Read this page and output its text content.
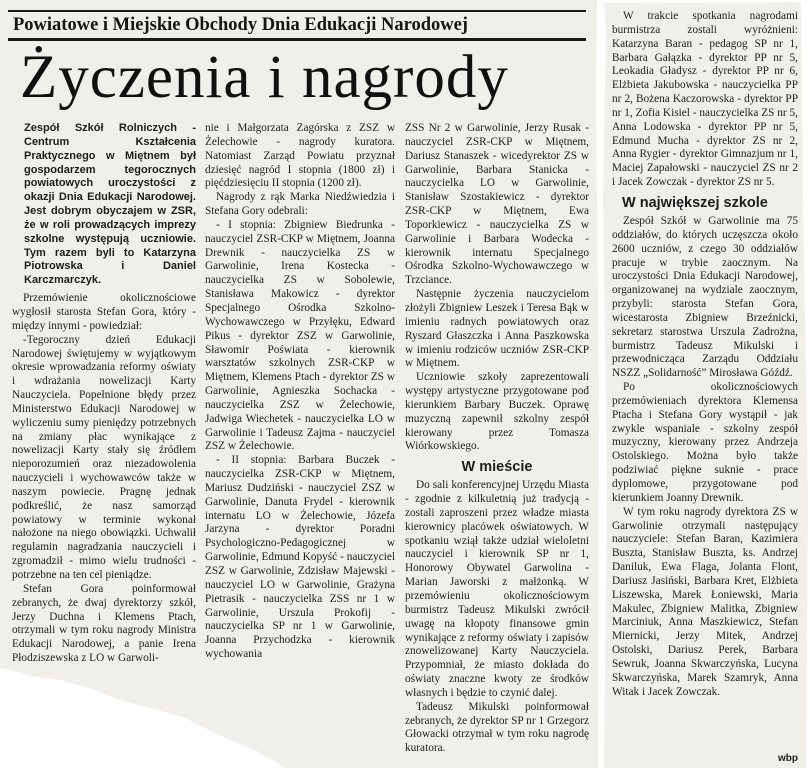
Powiatowe i Miejskie Obchody Dnia Edukacji Narodowej
Życzenia i nagrody

Zespół Szkół Rolniczych - Centrum Kształcenia Praktycznego w Miętnem był gospodarzem tegorocznych powiatowych uroczystości z okazji Dnia Edukacji Narodowej. Jest dobrym obyczajem w ZSR, że w roli prowadzących imprezy szkolne występują uczniowie. Tym razem byli to Katarzyna Piotrowska i Daniel Karczmarczyk.

Przemówienie okolicznościowe wygłosił starosta Stefan Gora, który - między innymi - powiedział:

-Tegoroczny dzień Edukacji Narodowej świętujemy w wyjątkowym okresie wprowadzania reformy oświaty i wdrażania nowelizacji Karty Nauczyciela. Popełnione błędy przez Ministerstwo Edukacji Narodowej w wyliczeniu sumy pieniędzy potrzebnych na zmiany płac wynikające z nowelizacji Karty stały się źródłem nieporozumień oraz niezadowolenia nauczycieli i wychowawców także w naszym powiecie. Pragnę jednak podkreślić, że nasz samorząd powiatowy w terminie wykonał nałożone na niego obowiązki. Uchwalił regulamin nagradzania nauczycieli i zgromadził - mimo wielu trudności - potrzebne na ten cel pieniądze.

Stefan Gora poinformował zebranych, że dwaj dyrektorzy szkół, Jerzy Duchna i Klemens Ptach, otrzymali w tym roku nagrody Ministra Edukacji Narodowej, a panie Irena Płodziszewska z LO w Garwoli-

nie i Małgorzata Zagórska z ZSZ w Żelechowie - nagrody kuratora. Natomiast Zarząd Powiatu przyznał dziesięć nagród I stopnia (1800 zł) i pięćdziesięciu II stopnia (1200 zł).

Nagrody z rąk Marka Niedźwiedzia i Stefana Gory odebrali:

- I stopnia: Zbigniew Biedrunka - nauczyciel ZSR-CKP w Miętnem, Joanna Drewnik - nauczycielka ZS w Garwolinie, Irena Kostecka - nauczycielka ZS w Sobolewie, Stanisława Makowicz - dyrektor Specjalnego Ośrodka Szkolno-Wychowawczego w Przyłęku, Edward Pikus - dyrektor ZSZ w Garwolinie, Sławomir Poświata - kierownik warsztatów szkolnych ZSR-CKP w Miętnem, Klemens Ptach - dyrektor ZS w Garwolinie, Agnieszka Sochacka - nauczycielka ZSZ w Żelechowie, Jadwiga Wiechetek - nauczycielka LO w Garwolinie i Tadeusz Zajma - nauczyciel ZSZ w Żelechowie.

- II stopnia: Barbara Buczek - nauczycielka ZSR-CKP w Miętnem, Mariusz Dudziński - nauczyciel ZSZ w Garwolinie, Danuta Frydel - kierownik internatu LO w Żelechowie, Józefa Jarzyna - dyrektor Poradni Psychologiczno-Pedagogicznej w Garwolinie, Edmund Kopyść - nauczyciel ZSZ w Garwolinie, Zdzisław Majewski - nauczyciel LO w Garwolinie, Grażyna Pietrasik - nauczycielka ZSS nr 1 w Garwolinie, Urszula Prokofij - nauczycielka SP nr 1 w Garwolinie, Joanna Przychodzka - kierownik wychowania

ZSS Nr 2 w Garwolinie, Jerzy Rusak - nauczyciel ZSR-CKP w Miętnem, Dariusz Stanaszek - wicedyrektor ZS w Garwolinie, Barbara Stanicka - nauczycielka LO w Garwolinie, Stanisław Szostakiewicz - dyrektor ZSR-CKP w Miętnem, Ewa Toporkiewicz - nauczycielka ZS w Garwolinie i Barbara Wodecka - kierownik internatu Specjalnego Ośrodka Szkolno-Wychowawczego w Trzciance.

Następnie życzenia nauczycielom złożyli Zbigniew Leszek i Teresa Bąk w imieniu radnych powiatowych oraz Ryszard Głaszczka i Anna Paszkowska w imieniu rodziców uczniów ZSR-CKP w Miętnem.

Uczniowie szkoły zaprezentowali występy artystyczne przygotowane pod kierunkiem Barbary Buczek. Oprawę muzyczną zapewnił szkolny zespół kierowany przez Tomasza Wiórkowskiego.

W mieście

Do sali konferencyjnej Urzędu Miasta - zgodnie z kilkuletnią już tradycją - zostali zaproszeni przez władze miasta kierownicy placówek oświatowych. W spotkaniu wziął także udział wieloletni nauczyciel i kierownik SP nr 1, Honorowy Obywatel Garwolina - Marian Jaworski z małżonką. W przemówieniu okolicznościowym burmistrz Tadeusz Mikulski zwrócił uwagę na kłopoty finansowe gmin wynikające z reformy oświaty i zapisów znowelizowanej Karty Nauczyciela. Przypomniał, że miasto dokłada do oświaty znaczne kwoty ze środków własnych i będzie to czynić dalej.

Tadeusz Mikulski poinformował zebranych, że dyrektor SP nr 1 Grzegorz Głowacki otrzymał w tym roku nagrodę kuratora.

W trakcie spotkania nagrodami burmistrza zostali wyróżnieni: Katarzyna Baran - pedagog SP nr 1, Barbara Gałązka - dyrektor PP nr 5, Leokadia Gładysz - dyrektor PP nr 6, Elżbieta Jakubowska - nauczycielka PP nr 2, Bożena Kaczorowska - dyrektor PP nr 1, Zofia Kisiel - nauczycielka ZS nr 5, Anna Lodowska - dyrektor PP nr 5, Edmund Mucha - dyrektor ZS nr 2, Anna Rygier - dyrektor Gimnazjum nr 1, Maciej Zapałowski - nauczyciel ZS nr 2 i Jacek Zowczak - dyrektor ZS nr 5.

W największej szkole

Zespół Szkół w Garwolinie ma 75 oddziałów, do których uczęszcza około 2600 uczniów, z czego 30 oddziałów pracuje w trybie zaocznym. Na uroczystości Dnia Edukacji Narodowej, organizowanej na wydziale zaocznym, przybyli: starosta Stefan Gora, wicestarosta Zbigniew Brzeźnicki, sekretarz starostwa Urszula Zadrożna, burmistrz Tadeusz Mikulski i przewodnicząca Zarządu Oddziału NSZZ „Solidarność” Mirosława Góźdź.

Po okolicznościowych przemówieniach dyrektora Klemensa Ptacha i Stefana Gory wystąpił - jak zwykle wspaniale - szkolny zespół muzyczny, kierowany przez Andrzeja Ostolskiego. Można było także podziwiać piękne suknie - prace dyplomowe, przygotowane pod kierunkiem Joanny Drewnik.

W tym roku nagrody dyrektora ZS w Garwolinie otrzymali następujący nauczyciele: Stefan Baran, Kazimiera Buszta, Stanisław Buszta, ks. Andrzej Daniluk, Ewa Flaga, Jolanta Flont, Dariusz Jasiński, Barbara Kret, Elżbieta Liszewska, Marek Łoniewski, Maria Makulec, Zbigniew Malitka, Zbigniew Marciniuk, Anna Maszkiewicz, Stefan Miernicki, Jerzy Mitek, Andrzej Ostolski, Dariusz Perek, Barbara Sewruk, Joanna Skwarczyńska, Lucyna Skwarczyńska, Marek Szamryk, Anna Witak i Jacek Zowczak.

wbp
